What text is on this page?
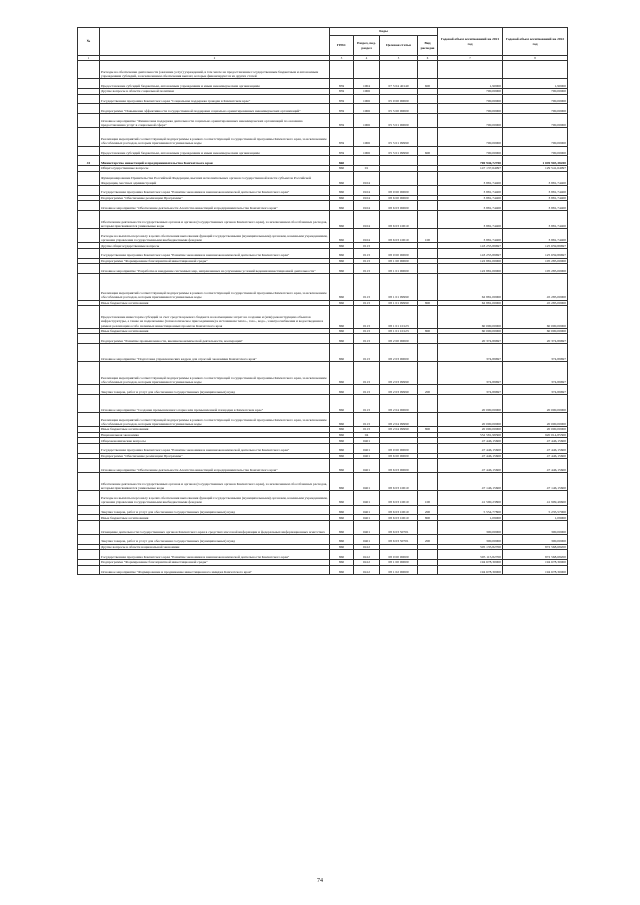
№		Коды				Годовой объем ассигнований на 2021 год	Годовой объем ассигнований на 2022 год
		ГРБС	Раздел, под-раздел	Целевая статья	Вид расходов		
1	2	3	4	5	6	7	8
	Расходы на обеспечение деятельности (оказание услуг) учреждений, в том числе на предоставление государственным бюджетным и автономным учреждениям субсидий, за исключением обеспечения выплат, которые финансируются из других статей						
	Предоставление субсидий бюджетным, автономным учреждениям и иным некоммерческим организациям	859	1004	07 5 04 40140	600	1,90000	1,90000
	Другие вопросы в области социальной политики	859	1006			700,00000	700,00000
	Государственная программа Камчатского края "Социальная поддержка граждан в Камчатском крае"	859	1006	05 0 00 00000		700,00000	700,00000
	Подпрограмма "Повышение эффективности государственной поддержки социально ориентированных некоммерческих организаций"	859	1006	05 5 00 00000		700,00000	700,00000
	Основное мероприятие "Финансовая поддержка деятельности социально ориентированных некоммерческих организаций по оказанию предоставлению услуг в социальной сфере"	859	1006	05 5 01 00000		700,00000	700,00000
	Реализация мероприятий соответствующей подпрограммы в рамках соответствующей государственной программы Камчатского края, за исключением обособленных расходов, которым присваиваются уникальные коды	859	1006	05 5 01 09990		700,00000	700,00000
	Предоставление субсидий бюджетным, автономным учреждениям и иным некоммерческим организациям	859	1006	05 5 01 09990	600	700,00000	700,00000
41	Министерство инвестиций и предпринимательства Камчатского края	860				700 946,72700	1 049 903,38200
	Общегосударственные вопросы	860	01			147 137,64097	129 541,64097
	Функционирование Правительства Российской Федерации, высших исполнительных органов государственной власти субъектов Российской Федерации, местных администраций	860	0104			3 881,74400	3 881,74400
	Государственная программа Камчатского края "Развитие экономики и внешнеэкономической деятельности Камчатского края"	860	0104	08 0 00 00000		3 881,74400	3 881,74400
	Подпрограмма "Обеспечение реализации Программы"	860	0104	08 6 00 00000		3 881,74400	3 881,74400
	Основное мероприятие "Обеспечение деятельности Агентства инвестиций и предпринимательства Камчатского края"	860	0104	08 6 03 00000		3 881,74400	3 881,74400
	Обеспечение деятельности государственных органов и органов (государственных органов Камчатского края), за исключением обособленных расходов, которым присваиваются уникальные коды	860	0104	08 6 03 10010		3 881,74400	3 881,74400
	Расходы на выплаты персоналу в целях обеспечения выполнения функций государственными (муниципальными) органами, казенными учреждениями, органами управления государственными внебюджетными фондами	860	0104	08 6 03 10010	100	3 881,74400	3 881,74400
	Другие общегосударственные вопросы	860	0113			143 255,89697	125 659,89697
	Государственная программа Камчатского края "Развитие экономики и внешнеэкономической деятельности Камчатского края"	860	0113	08 0 00 00000		143 255,89697	125 659,89697
	Подпрограмма "Формирование благоприятной инвестиционной среды"	860	0113	08 1 00 00000		122 881,00000	105 285,00000
	Основное мероприятие "Разработка и внедрение системных мер, направленных на улучшение условий ведения инвестиционной деятельности"	860	0113	08 1 01 00000		122 881,00000	105 285,00000
	Реализация мероприятий соответствующей подпрограммы в рамках соответствующей государственной программы Камчатского края, за исключением обособленных расходов, которым присваиваются уникальные коды	860	0113	08 1 01 09990		62 881,00000	45 285,00000
	Иные бюджетные ассигнования	860	0113	08 1 01 09990	800	62 881,00000	45 285,00000
	Предоставление инвесторам субсидий за счет средств краевого бюджета на возмещение затрат на создание и (или) реконструкцию объектов инфраструктуры, а также на подключение (технологическое присоединение) к источникам тепло-, газо-, водо-, электроснабжения и водоотведения в рамках реализации особо значимых инвестиционных проектов Камчатского края	860	0113	08 1 01 10123		60 000,00000	60 000,00000
	Иные бюджетные ассигнования	860	0113	08 1 01 10123	800	60 000,00000	60 000,00000
	Подпрограмма "Развитие промышленности, внешнеэкономической деятельности, кооперации"	860	0113	08 2 00 00000		20 374,89697	20 374,89697
	Основное мероприятие "Подготовка управленческих кадров для отраслей экономики Камчатского края"	860	0113	08 2 03 00000		374,89697	374,89697
	Реализация мероприятий соответствующей подпрограммы в рамках соответствующей государственной программы Камчатского края, за исключением обособленных расходов, которым присваиваются уникальные коды	860	0113	08 2 03 09990		374,89697	374,89697
	Закупка товаров, работ и услуг для обеспечения государственных (муниципальных) нужд	860	0113	08 2 03 09990	200	374,89697	374,89697
	Основное мероприятие "Создание промышленного парка или промышленной площадки в Камчатском крае"	860	0113	08 2 04 00000		20 000,00000	20 000,00000
	Реализация мероприятий соответствующей подпрограммы в рамках соответствующей государственной программы Камчатского края, за исключением обособленных расходов, которым присваиваются уникальные коды	860	0113	08 2 04 09990		20 000,00000	20 000,00000
	Иные бюджетные ассигнования	860	0113	08 2 04 09990	800	20 000,00000	20 000,00000
	Национальная экономика	860	04			552 581,98300	920 014,85300
	Общеэкономические вопросы	860	0401			47 446,15600	47 446,15600
	Государственная программа Камчатского края "Развитие экономики и внешнеэкономической деятельности Камчатского края"	860	0401	08 0 00 00000		47 446,15600	47 446,15600
	Подпрограмма "Обеспечение реализации Программы"	860	0401	08 6 00 00000		47 446,15600	47 446,15600
	Основное мероприятие "Обеспечение деятельности Агентства инвестиций и предпринимательства Камчатского края"	860	0401	08 6 03 00000		47 446,15600	47 446,15600
	Обеспечение деятельности государственных органов и органов (государственных органов Камчатского края), за исключением обособленных расходов, которым присваиваются уникальные коды	860	0401	08 6 03 10010		47 146,15600	47 146,15600
	Расходы на выплаты персоналу в целях обеспечения выполнения функций государственными (муниципальными) органами, казенными учреждениями, органами управления государственными внебюджетными фондами	860	0401	08 6 03 10010	100	41 590,23800	41 909,49600
	Закупка товаров, работ и услуг для обеспечения государственных (муниципальных) нужд	860	0401	08 6 03 10010	200	5 554,77800	5 235,57000
	Иные бюджетные ассигнования	860	0401	08 6 03 10010	800	1,09000	1,09000
	Освещение деятельности государственных органов Камчатского края в средствах массовой информации и федеральных информационных агентствах	860	0401	08 6 03 50701		300,00000	300,00000
	Закупка товаров, работ и услуг для обеспечения государственных (муниципальных) нужд	860	0401	08 6 03 50701	200	300,00000	300,00000
	Другие вопросы в области национальной экономики	860	0412			505 135,82700	872 568,68200
	Государственная программа Камчатского края "Развитие экономики и внешнеэкономической деятельности Камчатского края"	860	0412	08 0 00 00000		505 115,82700	872 568,68200
	Подпрограмма "Формирование благоприятной инвестиционной среды"	860	0412	08 1 00 00000		194 678,30000	194 678,30000
	Основное мероприятие "Формирование и продвижение инвестиционного имиджа Камчатского края"	860	0412	08 1 02 00000		194 678,30000	194 678,30000
74
